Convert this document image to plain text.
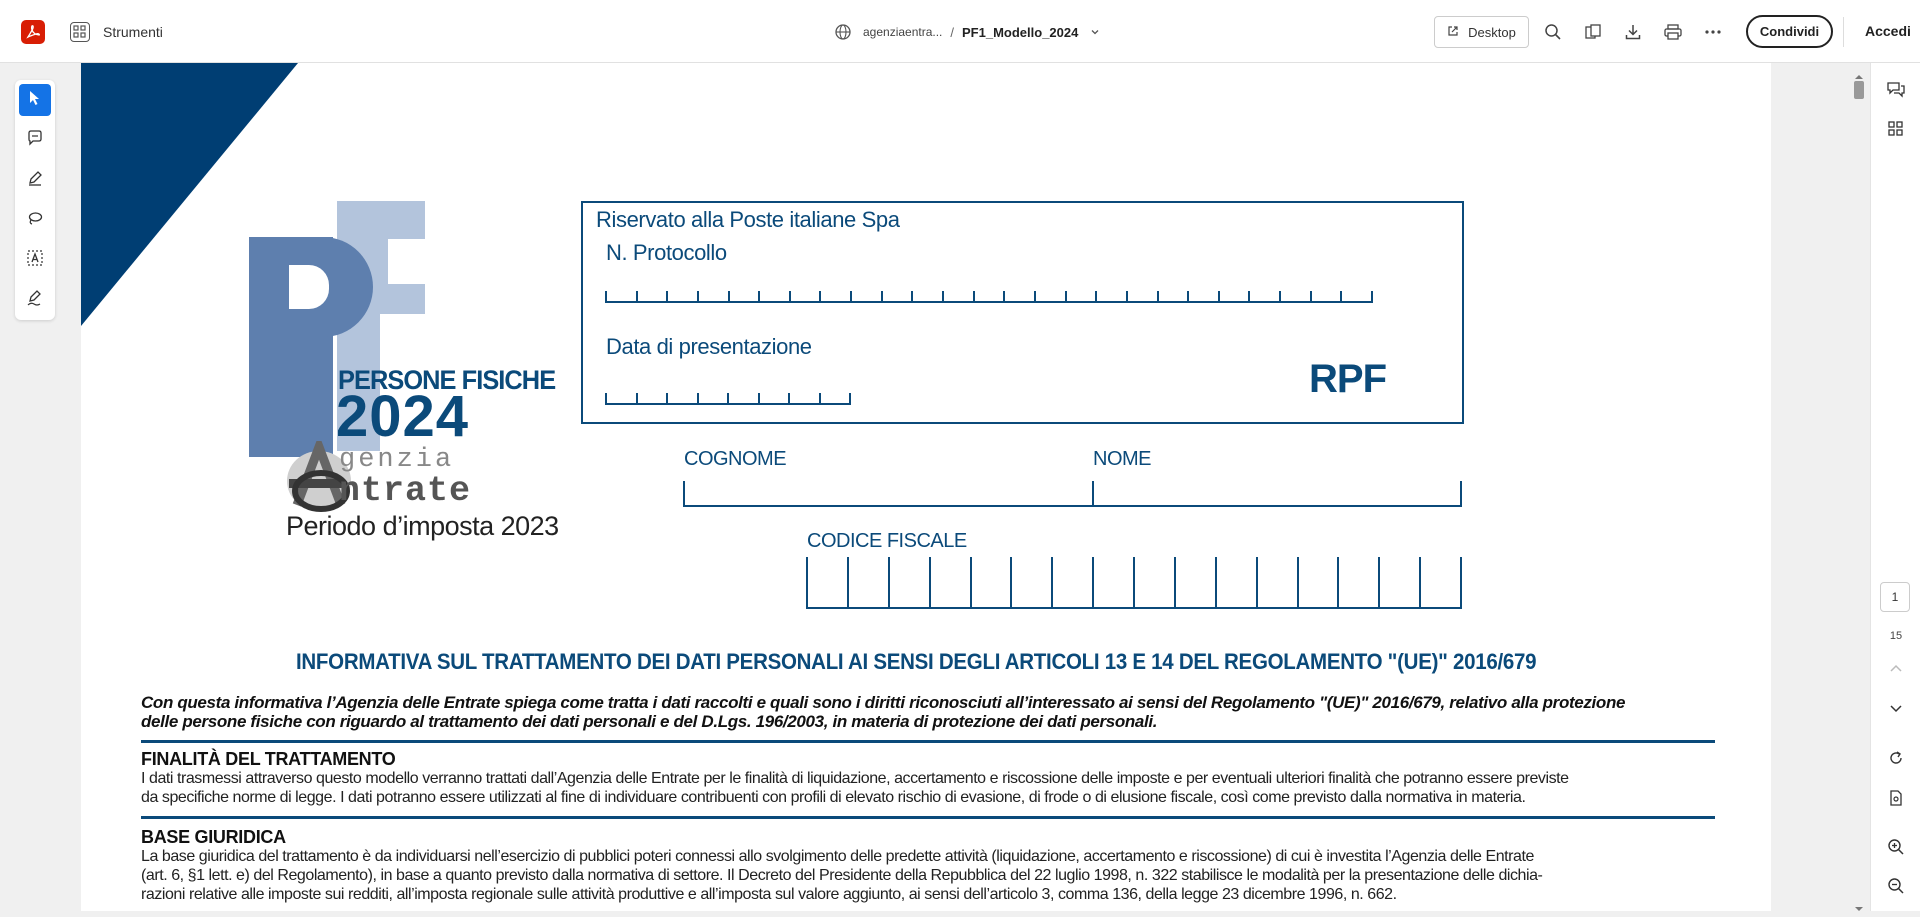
Strumenti	agenziaentra... / PF1_Modello_2024	Desktop	Condividi	Accedi
PERSONE FISICHE
2024
genzia
ntrate
Periodo d’imposta 2023
Riservato alla Poste italiane Spa
N. Protocollo
Data di presentazione
RPF
COGNOME	NOME
CODICE FISCALE
INFORMATIVA SUL TRATTAMENTO DEI DATI PERSONALI AI SENSI DEGLI ARTICOLI 13 E 14 DEL REGOLAMENTO "(UE)" 2016/679
Con questa informativa l’Agenzia delle Entrate spiega come tratta i dati raccolti e quali sono i diritti riconosciuti all’interessato ai sensi del Regolamento "(UE)" 2016/679, relativo alla protezione
delle persone fisiche con riguardo al trattamento dei dati personali e del D.Lgs. 196/2003, in materia di protezione dei dati personali.
FINALITÀ DEL TRATTAMENTO
I dati trasmessi attraverso questo modello verranno trattati dall’Agenzia delle Entrate per le finalità di liquidazione, accertamento e riscossione delle imposte e per eventuali ulteriori finalità che potranno essere previste
da specifiche norme di legge. I dati potranno essere utilizzati al fine di individuare contribuenti con profili di elevato rischio di evasione, di frode o di elusione fiscale, così come previsto dalla normativa in materia.
BASE GIURIDICA
La base giuridica del trattamento è da individuarsi nell’esercizio di pubblici poteri connessi allo svolgimento delle predette attività (liquidazione, accertamento e riscossione) di cui è investita l’Agenzia delle Entrate
(art. 6, §1 lett. e) del Regolamento), in base a quanto previsto dalla normativa di settore. Il Decreto del Presidente della Repubblica del 22 luglio 1998, n. 322 stabilisce le modalità per la presentazione delle dichia-
razioni relative alle imposte sui redditi, all’imposta regionale sulle attività produttive e all’imposta sul valore aggiunto, ai sensi dell’articolo 3, comma 136, della legge 23 dicembre 1996, n. 662.
1
15
